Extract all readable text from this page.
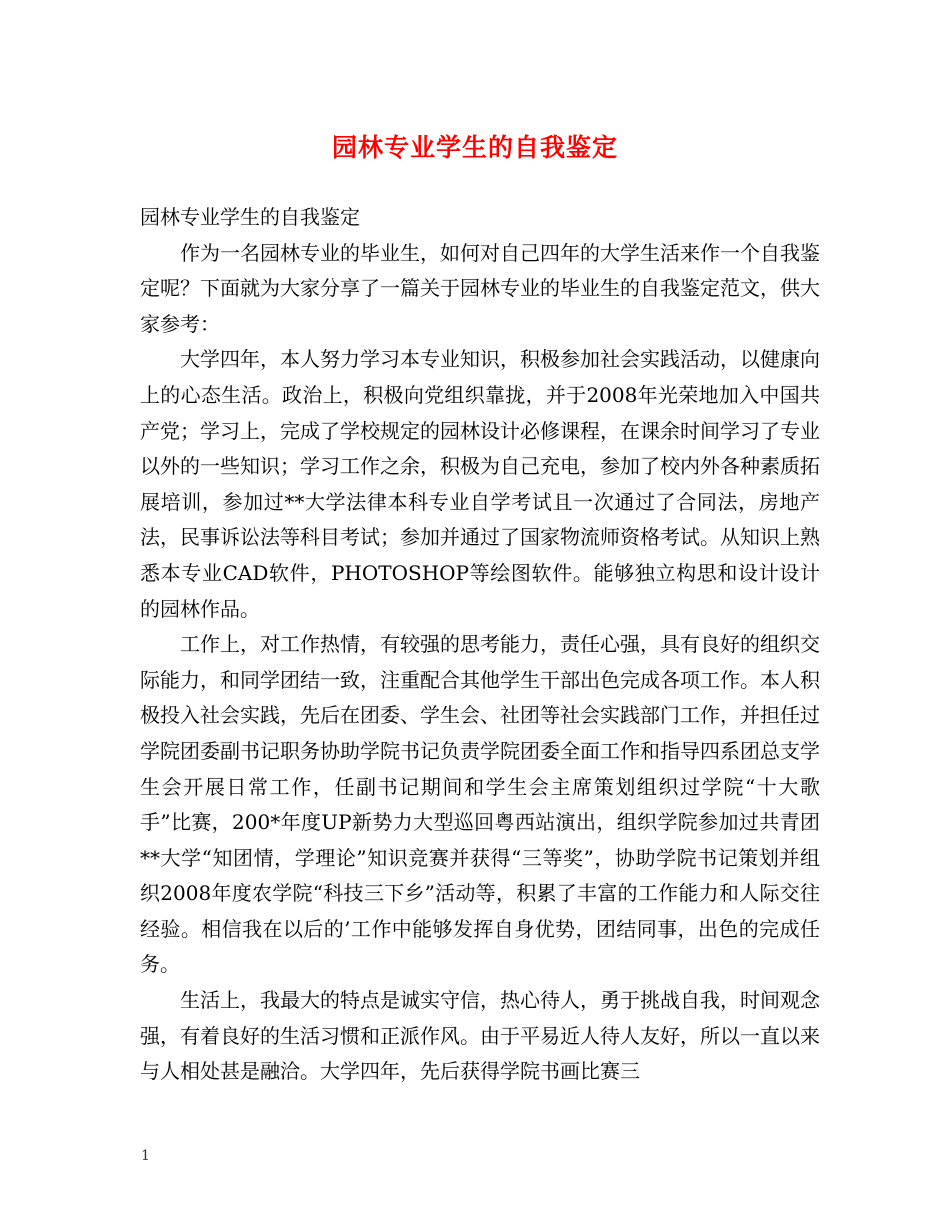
园林专业学生的自我鉴定

园林专业学生的自我鉴定

作为一名园林专业的毕业生，如何对自己四年的大学生活来作一个自我鉴定呢？下面就为大家分享了一篇关于园林专业的毕业生的自我鉴定范文，供大家参考：

大学四年，本人努力学习本专业知识，积极参加社会实践活动，以健康向上的心态生活。政治上，积极向党组织靠拢，并于2008年光荣地加入中国共产党；学习上，完成了学校规定的园林设计必修课程，在课余时间学习了专业以外的一些知识；学习工作之余，积极为自己充电，参加了校内外各种素质拓展培训，参加过**大学法律本科专业自学考试且一次通过了合同法，房地产法，民事诉讼法等科目考试；参加并通过了国家物流师资格考试。从知识上熟悉本专业CAD软件，PHOTOSHOP等绘图软件。能够独立构思和设计设计的园林作品。

工作上，对工作热情，有较强的思考能力，责任心强，具有良好的组织交际能力，和同学团结一致，注重配合其他学生干部出色完成各项工作。本人积极投入社会实践，先后在团委、学生会、社团等社会实践部门工作，并担任过学院团委副书记职务协助学院书记负责学院团委全面工作和指导四系团总支学生会开展日常工作，任副书记期间和学生会主席策划组织过学院“十大歌手”比赛，200*年度UP新势力大型巡回粤西站演出，组织学院参加过共青团**大学“知团情，学理论”知识竞赛并获得“三等奖”，协助学院书记策划并组织2008年度农学院“科技三下乡”活动等，积累了丰富的工作能力和人际交往经验。相信我在以后的’工作中能够发挥自身优势，团结同事，出色的完成任务。

生活上，我最大的特点是诚实守信，热心待人，勇于挑战自我，时间观念强，有着良好的生活习惯和正派作风。由于平易近人待人友好，所以一直以来与人相处甚是融洽。大学四年，先后获得学院书画比赛三

1
